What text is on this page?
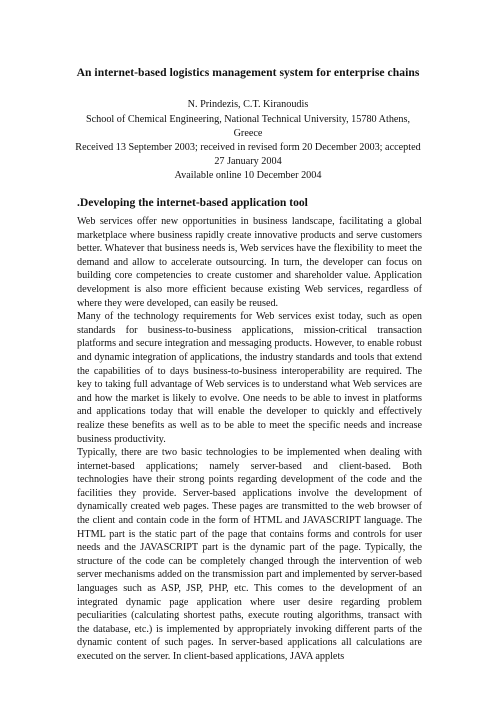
An internet-based logistics management system for enterprise chains
N. Prindezis, C.T. Kiranoudis
School of Chemical Engineering, National Technical University, 15780 Athens,
Greece
Received 13 September 2003; received in revised form 20 December 2003; accepted
27 January 2004
Available online 10 December 2004
.Developing the internet-based application tool

Web services offer new opportunities in business landscape, facilitating a global marketplace where business rapidly create innovative products and serve customers better. Whatever that business needs is, Web services have the flexibility to meet the demand and allow to accelerate outsourcing. In turn, the developer can focus on building core competencies to create customer and shareholder value. Application development is also more efficient because existing Web services, regardless of where they were developed, can easily be reused.

Many of the technology requirements for Web services exist today, such as open standards for business-to-business applications, mission-critical transaction platforms and secure integration and messaging products. However, to enable robust and dynamic integration of applications, the industry standards and tools that extend the capabilities of to days business-to-business interoperability are required. The key to taking full advantage of Web services is to understand what Web services are and how the market is likely to evolve. One needs to be able to invest in platforms and applications today that will enable the developer to quickly and effectively realize these benefits as well as to be able to meet the specific needs and increase business productivity.

Typically, there are two basic technologies to be implemented when dealing with internet-based applications; namely server-based and client-based. Both technologies have their strong points regarding development of the code and the facilities they provide. Server-based applications involve the development of dynamically created web pages. These pages are transmitted to the web browser of the client and contain code in the form of HTML and JAVASCRIPT language. The HTML part is the static part of the page that contains forms and controls for user needs and the JAVASCRIPT part is the dynamic part of the page. Typically, the structure of the code can be completely changed through the intervention of web server mechanisms added on the transmission part and implemented by server-based languages such as ASP, JSP, PHP, etc. This comes to the development of an integrated dynamic page application where user desire regarding problem peculiarities (calculating shortest paths, execute routing algorithms, transact with the database, etc.) is implemented by appropriately invoking different parts of the dynamic content of such pages. In server-based applications all calculations are executed on the server. In client-based applications, JAVA applets
